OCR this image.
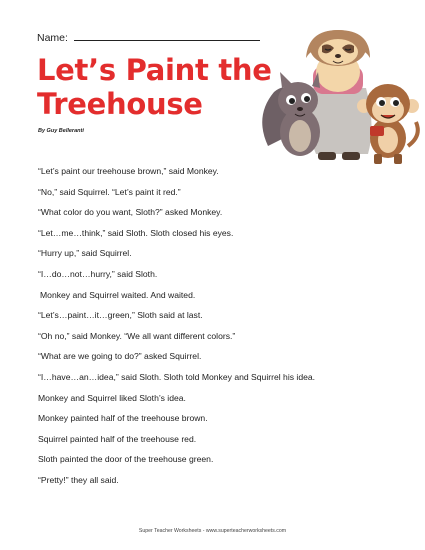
Name:
Let’s Paint the
Treehouse
By Guy Belleranti

“Let’s paint our treehouse brown,” said Monkey.

“No,” said Squirrel. “Let’s paint it red.”

“What color do you want, Sloth?” asked Monkey.

“Let…me…think,” said Sloth. Sloth closed his eyes.

“Hurry up,” said Squirrel.

“I…do…not…hurry,” said Sloth.

Monkey and Squirrel waited. And waited.

“Let’s…paint…it…green,” Sloth said at last.

“Oh no,” said Monkey. “We all want different colors.”

“What are we going to do?” asked Squirrel.

“I…have…an…idea,” said Sloth. Sloth told Monkey and Squirrel his idea.

Monkey and Squirrel liked Sloth’s idea.

Monkey painted half of the treehouse brown.

Squirrel painted half of the treehouse red.

Sloth painted the door of the treehouse green.

“Pretty!” they all said.

Super Teacher Worksheets - www.superteacherworksheets.com
